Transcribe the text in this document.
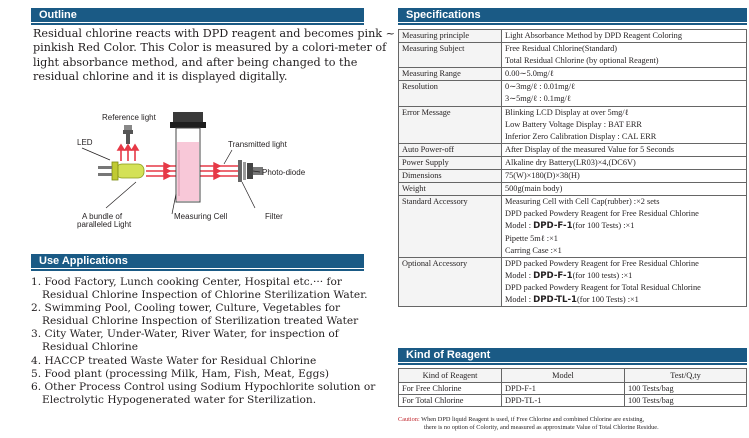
Outline
Residual chlorine reacts with DPD reagent and becomes pink ~
pinkish Red Color. This Color is measured by a colori-meter of
light absorbance method, and after being changed to the
residual chlorine and it is displayed digitally.
Reference light
LED	Transmitted light
Photo-diode
A bundle of
paralleled Light
Measuring Cell	Filter
Use Applications
1. Food Factory, Lunch cooking Center, Hospital etc.··· for
Residual Chlorine Inspection of Chlorine Sterilization Water.
2. Swimming Pool, Cooling tower, Culture, Vegetables for
Residual Chlorine Inspection of Sterilization treated Water
3. City Water, Under-Water, River Water, for inspection of
Residual Chlorine
4. HACCP treated Waste Water for Residual Chlorine
5. Food plant (processing Milk, Ham, Fish, Meat, Eggs)
6. Other Process Control using Sodium Hypochlorite solution or
Electrolytic Hypogenerated water for Sterilization.
Specifications
Measuring principle	Light Absorbance Method by DPD Reagent Coloring

Measuring Subject	Free Residual Chlorine(Standard)
Total Residual Chlorine (by optional Reagent)

Measuring Range	0.00∼5.0mg/ℓ

Resolution	0∼3mg/ℓ : 0.01mg/ℓ
3∼5mg/ℓ : 0.1mg/ℓ

Error Message	Blinking LCD Display at over 5mg/ℓ
Low Battery Voltage Display : BAT ERR
Inferior Zero Calibration Display : CAL ERR

Auto Power-off	After Display of the measured Value for 5 Seconds

Power Supply	Alkaline dry Battery(LR03)×4,(DC6V)

Dimensions	75(W)×180(D)×38(H)

Weight	500g(main body)

Standard Accessory	Measuring Cell with Cell Cap(rubber) :×2 sets
DPD packed Powdery Reagent for Free Residual Chlorine
Model : DPD-F-1(for 100 Tests) :×1
Pipette 5mℓ :×1
Carring Case :×1

Optional Accessory	DPD packed Powdery Reagent for Free Residual Chlorine
Model : DPD-F-1(for 100 tests) :×1
DPD packed Powdery Reagent for Total Residual Chlorine
Model : DPD-TL-1(for 100 Tests) :×1
Kind of Reagent
Kind of Reagent	Model	Test/Q,ty
For Free Chlorine	DPD-F-1	100 Tests/bag
For Total Chlorine	DPD-TL-1	100 Tests/bag
Caution: When DPD liquid Reagent is used, if Free Chlorine and combined Chlorine are existing,
there is no option of Colority, and measured as approximate Value of Total Chlorine Residue.
